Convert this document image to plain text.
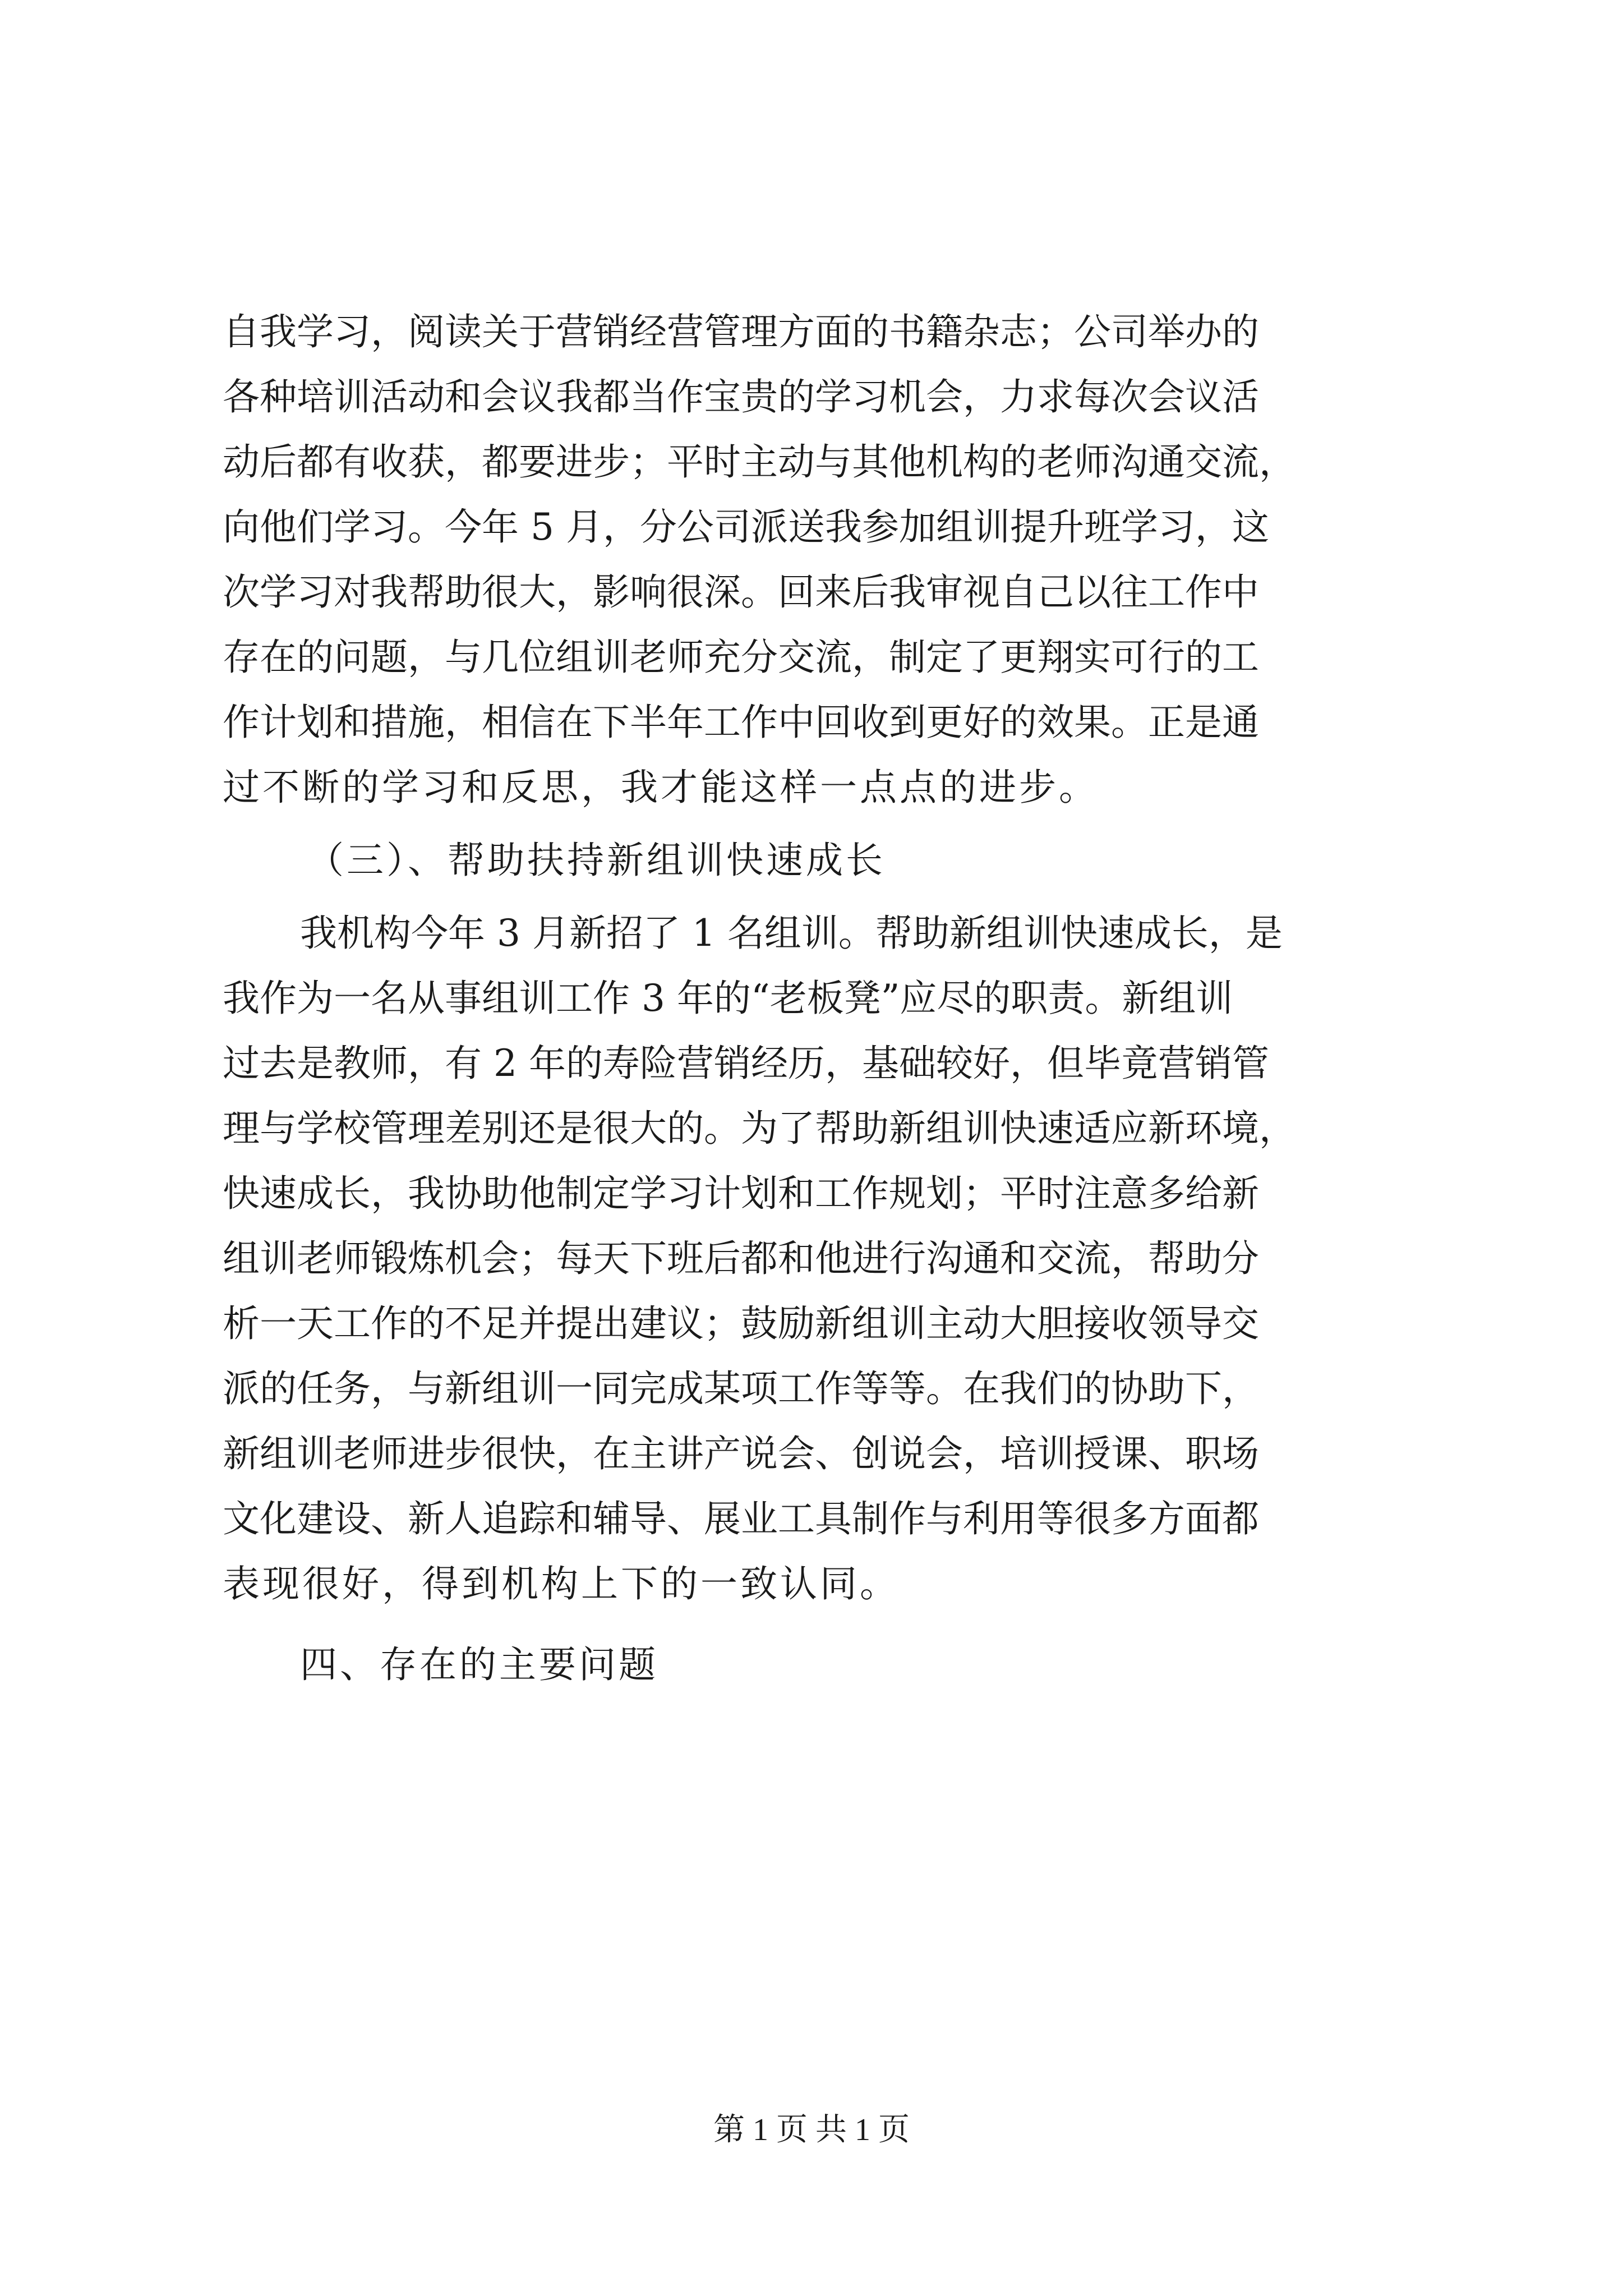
自我学习，阅读关于营销经营管理方面的书籍杂志；公司举办的
各种培训活动和会议我都当作宝贵的学习机会，力求每次会议活
动后都有收获，都要进步；平时主动与其他机构的老师沟通交流，
向他们学习。今年 5 月，分公司派送我参加组训提升班学习，这
次学习对我帮助很大，影响很深。回来后我审视自己以往工作中
存在的问题，与几位组训老师充分交流，制定了更翔实可行的工
作计划和措施，相信在下半年工作中回收到更好的效果。正是通
过不断的学习和反思，我才能这样一点点的进步。
（三）、帮助扶持新组训快速成长
我机构今年 3 月新招了 1 名组训。帮助新组训快速成长，是
我作为一名从事组训工作 3 年的“老板凳”应尽的职责。新组训
过去是教师，有 2 年的寿险营销经历，基础较好，但毕竟营销管
理与学校管理差别还是很大的。为了帮助新组训快速适应新环境，
快速成长，我协助他制定学习计划和工作规划；平时注意多给新
组训老师锻炼机会；每天下班后都和他进行沟通和交流，帮助分
析一天工作的不足并提出建议；鼓励新组训主动大胆接收领导交
派的任务，与新组训一同完成某项工作等等。在我们的协助下，
新组训老师进步很快，在主讲产说会、创说会，培训授课、职场
文化建设、新人追踪和辅导、展业工具制作与利用等很多方面都
表现很好，得到机构上下的一致认同。
四、存在的主要问题
第 1 页 共 1 页
